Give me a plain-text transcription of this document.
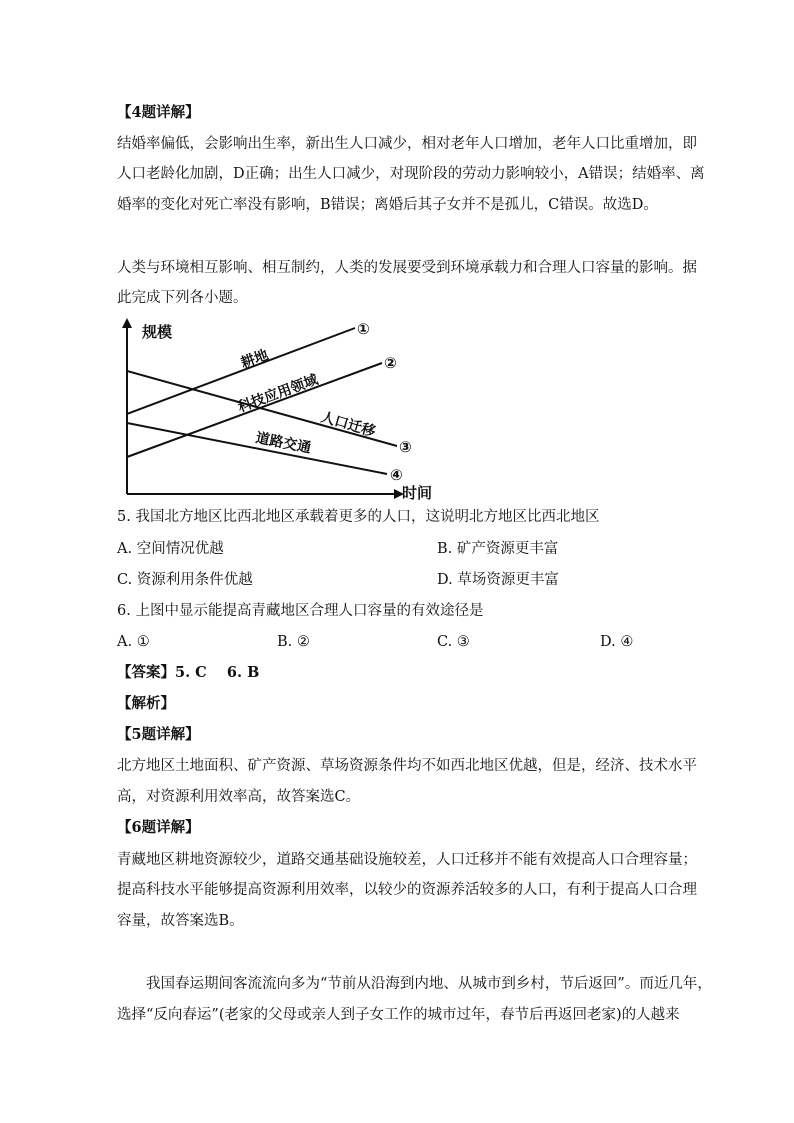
【4题详解】
结婚率偏低，会影响出生率，新出生人口减少，相对老年人口增加，老年人口比重增加，即
人口老龄化加剧，D正确；出生人口减少，对现阶段的劳动力影响较小，A错误；结婚率、离
婚率的变化对死亡率没有影响，B错误；离婚后其子女并不是孤儿，C错误。故选D。
人类与环境相互影响、相互制约，人类的发展要受到环境承载力和合理人口容量的影响。据
此完成下列各小题。
规模
时间
耕地
科技应用领域
人口迁移
道路交通
①
②
③
④
5. 我国北方地区比西北地区承载着更多的人口，这说明北方地区比西北地区
A. 空间情况优越	B. 矿产资源更丰富
C. 资源利用条件优越	D. 草场资源更丰富
6. 上图中显示能提高青藏地区合理人口容量的有效途径是
A. ①	B. ②	C. ③	D. ④
【答案】5. C    6. B
【解析】
【5题详解】
北方地区土地面积、矿产资源、草场资源条件均不如西北地区优越，但是，经济、技术水平
高，对资源利用效率高，故答案选C。
【6题详解】
青藏地区耕地资源较少，道路交通基础设施较差，人口迁移并不能有效提高人口合理容量；
提高科技水平能够提高资源利用效率，以较少的资源养活较多的人口，有利于提高人口合理
容量，故答案选B。
我国春运期间客流流向多为“节前从沿海到内地、从城市到乡村，节后返回”。而近几年，
选择“反向春运”(老家的父母或亲人到子女工作的城市过年，春节后再返回老家)的人越来
